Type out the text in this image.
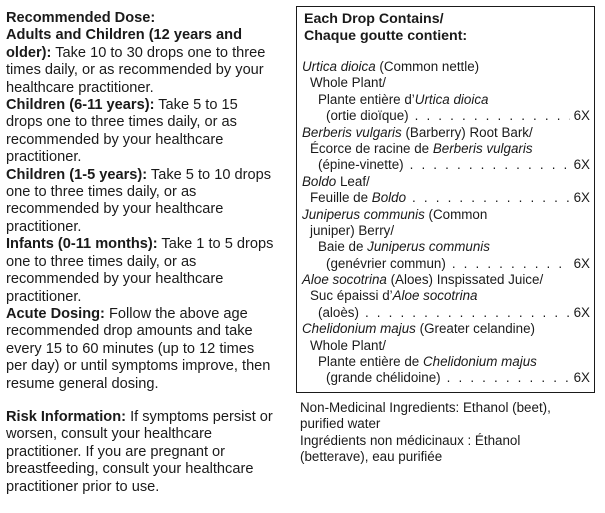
Recommended Dose:

Adults and Children (12 years and older): Take 10 to 30 drops one to three times daily, or as recommended by your healthcare practitioner.

Children (6-11 years): Take 5 to 15 drops one to three times daily, or as recommended by your healthcare practitioner.

Children (1-5 years): Take 5 to 10 drops one to three times daily, or as recommended by your healthcare practitioner.

Infants (0-11 months): Take 1 to 5 drops one to three times daily, or as recommended by your healthcare practitioner.

Acute Dosing: Follow the above age recommended drop amounts and take every 15 to 60 minutes (up to 12 times per day) or until symptoms improve, then resume general dosing.

Risk Information: If symptoms persist or worsen, consult your healthcare practitioner. If you are pregnant or breastfeeding, consult your healthcare practitioner prior to use.

Each Drop Contains/
Chaque goutte contient:
Urtica dioica (Common nettle)
Whole Plant/
Plante entière d’Urtica dioica
(ortie dioïque) . . .	6X
Berberis vulgaris (Barberry) Root Bark/
Écorce de racine de Berberis vulgaris
(épine-vinette) . . .	6X
Boldo Leaf/
Feuille de Boldo . . .	6X
Juniperus communis (Common
juniper) Berry/
Baie de Juniperus communis
(genévrier commun) . . .	6X
Aloe socotrina (Aloes) Inspissated Juice/
Suc épaissi d’Aloe socotrina
(aloès) . . .	6X
Chelidonium majus (Greater celandine)
Whole Plant/
Plante entière de Chelidonium majus
(grande chélidoine) . . .	6X

Non-Medicinal Ingredients: Ethanol (beet), purified water

Ingrédients non médicinaux : Éthanol (betterave), eau purifiée
